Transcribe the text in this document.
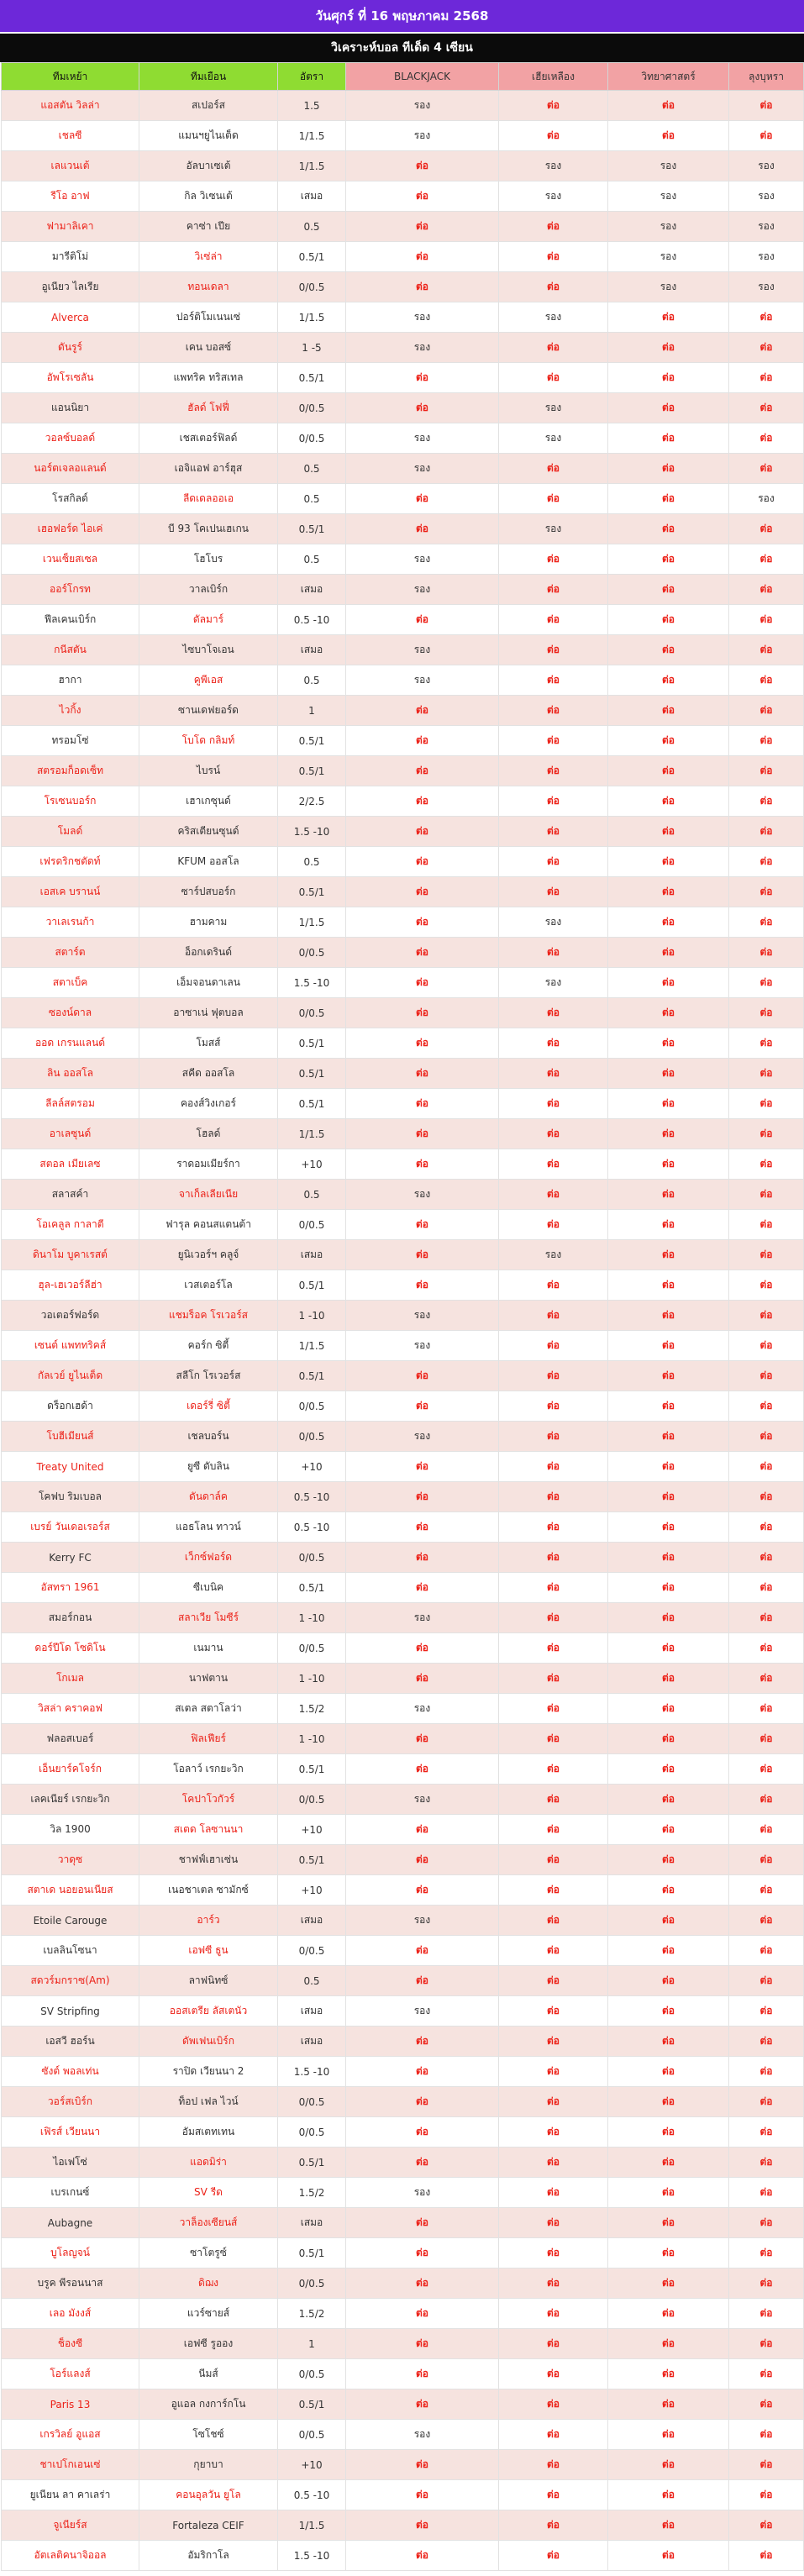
วันศุกร์ ที่ 16 พฤษภาคม 2568
วิเคราะห์บอล ทีเด็ด 4 เซียน
ทีมเหย้า	ทีมเยือน	อัตรา	BLACKJACK	เฮียเหลือง	วิทยาศาสตร์	ลุงบุหรา
แอสตัน วิลล่า	สเปอร์ส	1.5	รอง	ต่อ	ต่อ	ต่อ
เชลซี	แมนฯยูไนเต็ด	1/1.5	รอง	ต่อ	ต่อ	ต่อ
เลแวนเต้	อัลบาเซเต้	1/1.5	ต่อ	รอง	รอง	รอง
รีโอ อาฟ	กิล วิเซนเต้	เสมอ	ต่อ	รอง	รอง	รอง
ฟามาลิเคา	คาซ่า เปีย	0.5	ต่อ	ต่อ	รอง	รอง
มารีติโม่	วิเซ่ล่า	0.5/1	ต่อ	ต่อ	รอง	รอง
อูเนียว ไลเรีย	ทอนเดลา	0/0.5	ต่อ	ต่อ	รอง	รอง
Alverca	ปอร์ติโมเนนเซ่	1/1.5	รอง	รอง	ต่อ	ต่อ
ดันรูร์	เคน บอสซ์	1 -5	รอง	ต่อ	ต่อ	ต่อ
อัพโรเซลัน	แพทริค ทริสเทล	0.5/1	ต่อ	ต่อ	ต่อ	ต่อ
แอนนิยา	ฮัลด์ โฟฟี่	0/0.5	ต่อ	รอง	ต่อ	ต่อ
วอลซ์บอลด์	เชสเตอร์ฟิลด์	0/0.5	รอง	รอง	ต่อ	ต่อ
นอร์ตเจลอแลนด์	เอจิแอฟ อาร์ฮุส	0.5	รอง	ต่อ	ต่อ	ต่อ
โรสกิลด์	ลีดเดลออเอ	0.5	ต่อ	ต่อ	ต่อ	รอง
เฮอฟอร์ด ไอเค่	บี 93 โคเปนเฮเกน	0.5/1	ต่อ	รอง	ต่อ	ต่อ
เวนเซ็ยสเซล	โฮโบร	0.5	รอง	ต่อ	ต่อ	ต่อ
ออร์โกรท	วาลเบิร์ก	เสมอ	รอง	ต่อ	ต่อ	ต่อ
ฟีลเคนเบิร์ก	ดัลมาร์	0.5 -10	ต่อ	ต่อ	ต่อ	ต่อ
กนีสตัน	ไซบาโจเอน	เสมอ	รอง	ต่อ	ต่อ	ต่อ
ฮากา	คูพีเอส	0.5	รอง	ต่อ	ต่อ	ต่อ
ไวกิ้ง	ซานเดฟยอร์ด	1	ต่อ	ต่อ	ต่อ	ต่อ
ทรอมโซ่	โบโด กลิมท์	0.5/1	ต่อ	ต่อ	ต่อ	ต่อ
สตรอมก็อดเซ็ท	ไบรน์	0.5/1	ต่อ	ต่อ	ต่อ	ต่อ
โรเซนบอร์ก	เฮาเกซุนด์	2/2.5	ต่อ	ต่อ	ต่อ	ต่อ
โมลด์	คริสเตียนซุนด์	1.5 -10	ต่อ	ต่อ	ต่อ	ต่อ
เฟรดริกชตัดท์	KFUM ออสโล	0.5	ต่อ	ต่อ	ต่อ	ต่อ
เอสเค บรานน์	ซาร์ปสบอร์ก	0.5/1	ต่อ	ต่อ	ต่อ	ต่อ
วาเลเรนก้า	ฮามคาม	1/1.5	ต่อ	รอง	ต่อ	ต่อ
สตาร์ต	อ็อกเดรินด์	0/0.5	ต่อ	ต่อ	ต่อ	ต่อ
สตาเบ็ค	เอ็มจอนดาเลน	1.5 -10	ต่อ	รอง	ต่อ	ต่อ
ซองน์ดาล	อาซาเน่ ฟุตบอล	0/0.5	ต่อ	ต่อ	ต่อ	ต่อ
ออด เกรนแลนด์	โมสส์	0.5/1	ต่อ	ต่อ	ต่อ	ต่อ
ลิน ออสโล	สคีด ออสโล	0.5/1	ต่อ	ต่อ	ต่อ	ต่อ
ลีลล์สตรอม	คองส์วิงเกอร์	0.5/1	ต่อ	ต่อ	ต่อ	ต่อ
อาเลซุนด์	โฮลด์	1/1.5	ต่อ	ต่อ	ต่อ	ต่อ
สตอล เมียเลซ	ราดอมเมียร์กา	+10	ต่อ	ต่อ	ต่อ	ต่อ
สลาสค์า	จาเก็ลเลียเนีย	0.5	รอง	ต่อ	ต่อ	ต่อ
โอเคลูล กาลาตี	ฟารุล คอนสแตนต้า	0/0.5	ต่อ	ต่อ	ต่อ	ต่อ
ดินาโม บูคาเรสต์	ยูนิเวอร์ฯ คลูจ์	เสมอ	ต่อ	รอง	ต่อ	ต่อ
ฮุล-เฮเวอร์ลีฮ่า	เวสเตอร์โล	0.5/1	ต่อ	ต่อ	ต่อ	ต่อ
วอเตอร์ฟอร์ด	แชมร็อค โรเวอร์ส	1 -10	รอง	ต่อ	ต่อ	ต่อ
เซนต์ แพททริคส์	คอร์ก ซิตี้	1/1.5	รอง	ต่อ	ต่อ	ต่อ
กัลเวย์ ยูไนเต็ด	สลีโก โรเวอร์ส	0.5/1	ต่อ	ต่อ	ต่อ	ต่อ
ดร็อกเฮด้า	เดอร์รี่ ซิตี้	0/0.5	ต่อ	ต่อ	ต่อ	ต่อ
โบฮีเมียนส์	เชลบอร์น	0/0.5	รอง	ต่อ	ต่อ	ต่อ
Treaty United	ยูซี ดับลิน	+10	ต่อ	ต่อ	ต่อ	ต่อ
โคฟบ ริมเบอล	ดันดาล์ค	0.5 -10	ต่อ	ต่อ	ต่อ	ต่อ
เบรย์ วันเดอเรอร์ส	แอธโลน ทาวน์	0.5 -10	ต่อ	ต่อ	ต่อ	ต่อ
Kerry FC	เว็กซ์ฟอร์ด	0/0.5	ต่อ	ต่อ	ต่อ	ต่อ
อัสทรา 1961	ซีเบนิค	0.5/1	ต่อ	ต่อ	ต่อ	ต่อ
สมอร์กอน	สลาเวีย โมซีร์	1 -10	รอง	ต่อ	ต่อ	ต่อ
ดอร์ปีโด โซดิโน	เนมาน	0/0.5	ต่อ	ต่อ	ต่อ	ต่อ
โกเมล	นาฟตาน	1 -10	ต่อ	ต่อ	ต่อ	ต่อ
วิสล่า คราคอฟ	สเตล สตาโลว่า	1.5/2	รอง	ต่อ	ต่อ	ต่อ
ฟลอสเบอร์	ฟิลเฟียร์	1 -10	ต่อ	ต่อ	ต่อ	ต่อ
เอ็นยาร์คโจร์ก	โอลาว์ เรกยะวิก	0.5/1	ต่อ	ต่อ	ต่อ	ต่อ
เลคเนียร์ เรกยะวิก	โคปาโวกัวร์	0/0.5	รอง	ต่อ	ต่อ	ต่อ
วิล 1900	สเตด โลซานนา	+10	ต่อ	ต่อ	ต่อ	ต่อ
วาดุซ	ชาฟฟ์เฮาเซ่น	0.5/1	ต่อ	ต่อ	ต่อ	ต่อ
สตาเด นอยอนเนียส	เนอชาเตล ซามักซ์	+10	ต่อ	ต่อ	ต่อ	ต่อ
Etoile Carouge	อาร์ว	เสมอ	รอง	ต่อ	ต่อ	ต่อ
เบลลินโซนา	เอฟซี ธูน	0/0.5	ต่อ	ต่อ	ต่อ	ต่อ
สดวร์มกราซ(Am)	ลาฟนิทซ์	0.5	ต่อ	ต่อ	ต่อ	ต่อ
SV Stripfing	ออสเตรีย ลัสเตนัว	เสมอ	รอง	ต่อ	ต่อ	ต่อ
เอสวี ฮอร์น	ดัพเฟนเบิร์ก	เสมอ	ต่อ	ต่อ	ต่อ	ต่อ
ซังต์ พอลเท่น	ราปิด เวียนนา 2	1.5 -10	ต่อ	ต่อ	ต่อ	ต่อ
วอร์สเบิร์ก	ท็อป เฟล ไวน์	0/0.5	ต่อ	ต่อ	ต่อ	ต่อ
เฟิรส์ เวียนนา	อัมสเตทเทน	0/0.5	ต่อ	ต่อ	ต่อ	ต่อ
ไอเฟโซ่	แอดมิร่า	0.5/1	ต่อ	ต่อ	ต่อ	ต่อ
เบรเกนซ์	SV รีด	1.5/2	รอง	ต่อ	ต่อ	ต่อ
Aubagne	วาล็องเซียนส์	เสมอ	ต่อ	ต่อ	ต่อ	ต่อ
บูโลญจน์	ซาโตรูซ์	0.5/1	ต่อ	ต่อ	ต่อ	ต่อ
บรูค พีรอนนาส	ดิฌง	0/0.5	ต่อ	ต่อ	ต่อ	ต่อ
เลอ มังงส์	แวร์ซายส์	1.5/2	ต่อ	ต่อ	ต่อ	ต่อ
ช็องซี	เอฟซี รูออง	1	ต่อ	ต่อ	ต่อ	ต่อ
โอร์แลงส์	นีมส์	0/0.5	ต่อ	ต่อ	ต่อ	ต่อ
Paris 13	อูแอล กงการ์กโน	0.5/1	ต่อ	ต่อ	ต่อ	ต่อ
เกรวิลย์ อูแอส	โซโชซ์	0/0.5	รอง	ต่อ	ต่อ	ต่อ
ชาเปโกเอนเซ่	กุยาบา	+10	ต่อ	ต่อ	ต่อ	ต่อ
ยูเนียน ลา คาเลร่า	คอนอุลวัน ยูโล	0.5 -10	ต่อ	ต่อ	ต่อ	ต่อ
จูเนียร์ส	Fortaleza CEIF	1/1.5	ต่อ	ต่อ	ต่อ	ต่อ
อัตเลติคนาจิออล	อัมริกาโล	1.5 -10	ต่อ	ต่อ	ต่อ	ต่อ
